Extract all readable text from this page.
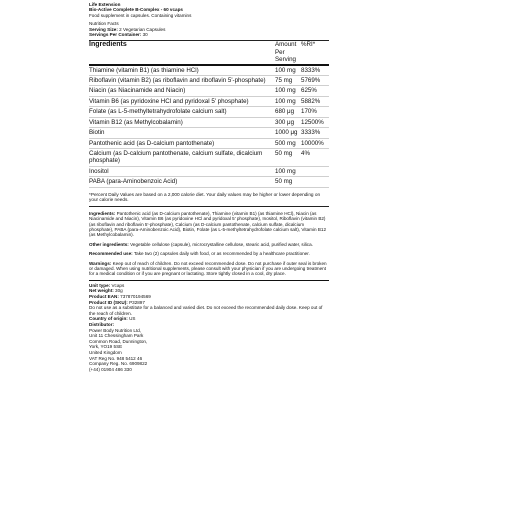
Life Extension
Bio-Active Complete B-Complex - 60 vcaps
Food supplement in capsules. Containing vitamins
Nutrition Facts
Serving Size: 2 Vegetarian Capsules
Servings Per Container: 30
Ingredients	Amount Per Serving	%RI*
Thiamine (vitamin B1) (as thiamine HCl)	100 mg	8333%
Riboflavin (vitamin B2) (as riboflavin and riboflavin 5'-phosphate)	75 mg	5769%
Niacin (as Niacinamide and Niacin)	100 mg	625%
Vitamin B6 (as pyridoxine HCl and pyridoxal 5' phosphate)	100 mg	5882%
Folate (as L-5-methyltetrahydrofolate calcium salt)	680 μg	170%
Vitamin B12 (as Methylcobalamin)	300 μg	12500%
Biotin	1000 μg	3333%
Pantothenic acid (as D-calcium pantothenate)	500 mg	10000%
Calcium (as D-calcium pantothenate, calcium sulfate, dicalcium phosphate)	50 mg	4%
Inositol	100 mg	
PABA (para-Aminobenzoic Acid)	50 mg	
*Percent Daily Values are based on a 2,000 calorie diet. Your daily values may be higher or lower depending on your calorie needs.
Ingredients: Pantothenic acid (as D-calcium pantothenate), Thiamine (vitamin B1) (as thiamine HCl), Niacin (as Niacinamide and Niacin), Vitamin B6 (as pyridoxine HCl and pyridoxal 5' phosphate), Inositol, Riboflavin (vitamin B2) (as riboflavin and riboflavin 5'-phosphate), Calcium (as D-calcium pantothenate, calcium sulfate, dicalcium phosphate), PABA (para-Aminobenzoic Acid), Biotin, Folate (as L-5-methyltetrahydrofolate calcium salt), Vitamin B12 (as Methylcobalamin).
Other ingredients: Vegetable cellulose (capsule), microcrystalline cellulose, stearic acid, purified water, silica.
Recommended use: Take two (2) capsules daily with food, or as recommended by a healthcare practitioner.
Warnings: Keep out of reach of children. Do not exceed recommended dose. Do not purchase if outer seal is broken or damaged. When using nutritional supplements, please consult with your physician if you are undergoing treatment for a medical condition or if you are pregnant or lactating. Store tightly closed in a cool, dry place.
Unit type: Vcaps
Net weight: 30g
Product EAN: 737870194569
Product ID (SKU): P32897
Do not use as a substitute for a balanced and varied diet. Do not exceed the recommended daily dose. Keep out of the reach of children.
Country of origin: US
Distributor:
Power Body Nutrition Ltd,
Unit 11 Chessingham Park
Common Road, Dunnington,
York, YO19 5SE
United Kingdom
VAT Reg No. 948 5412 46
Company Reg. No. 6909822
(+44) 01904 486 330
